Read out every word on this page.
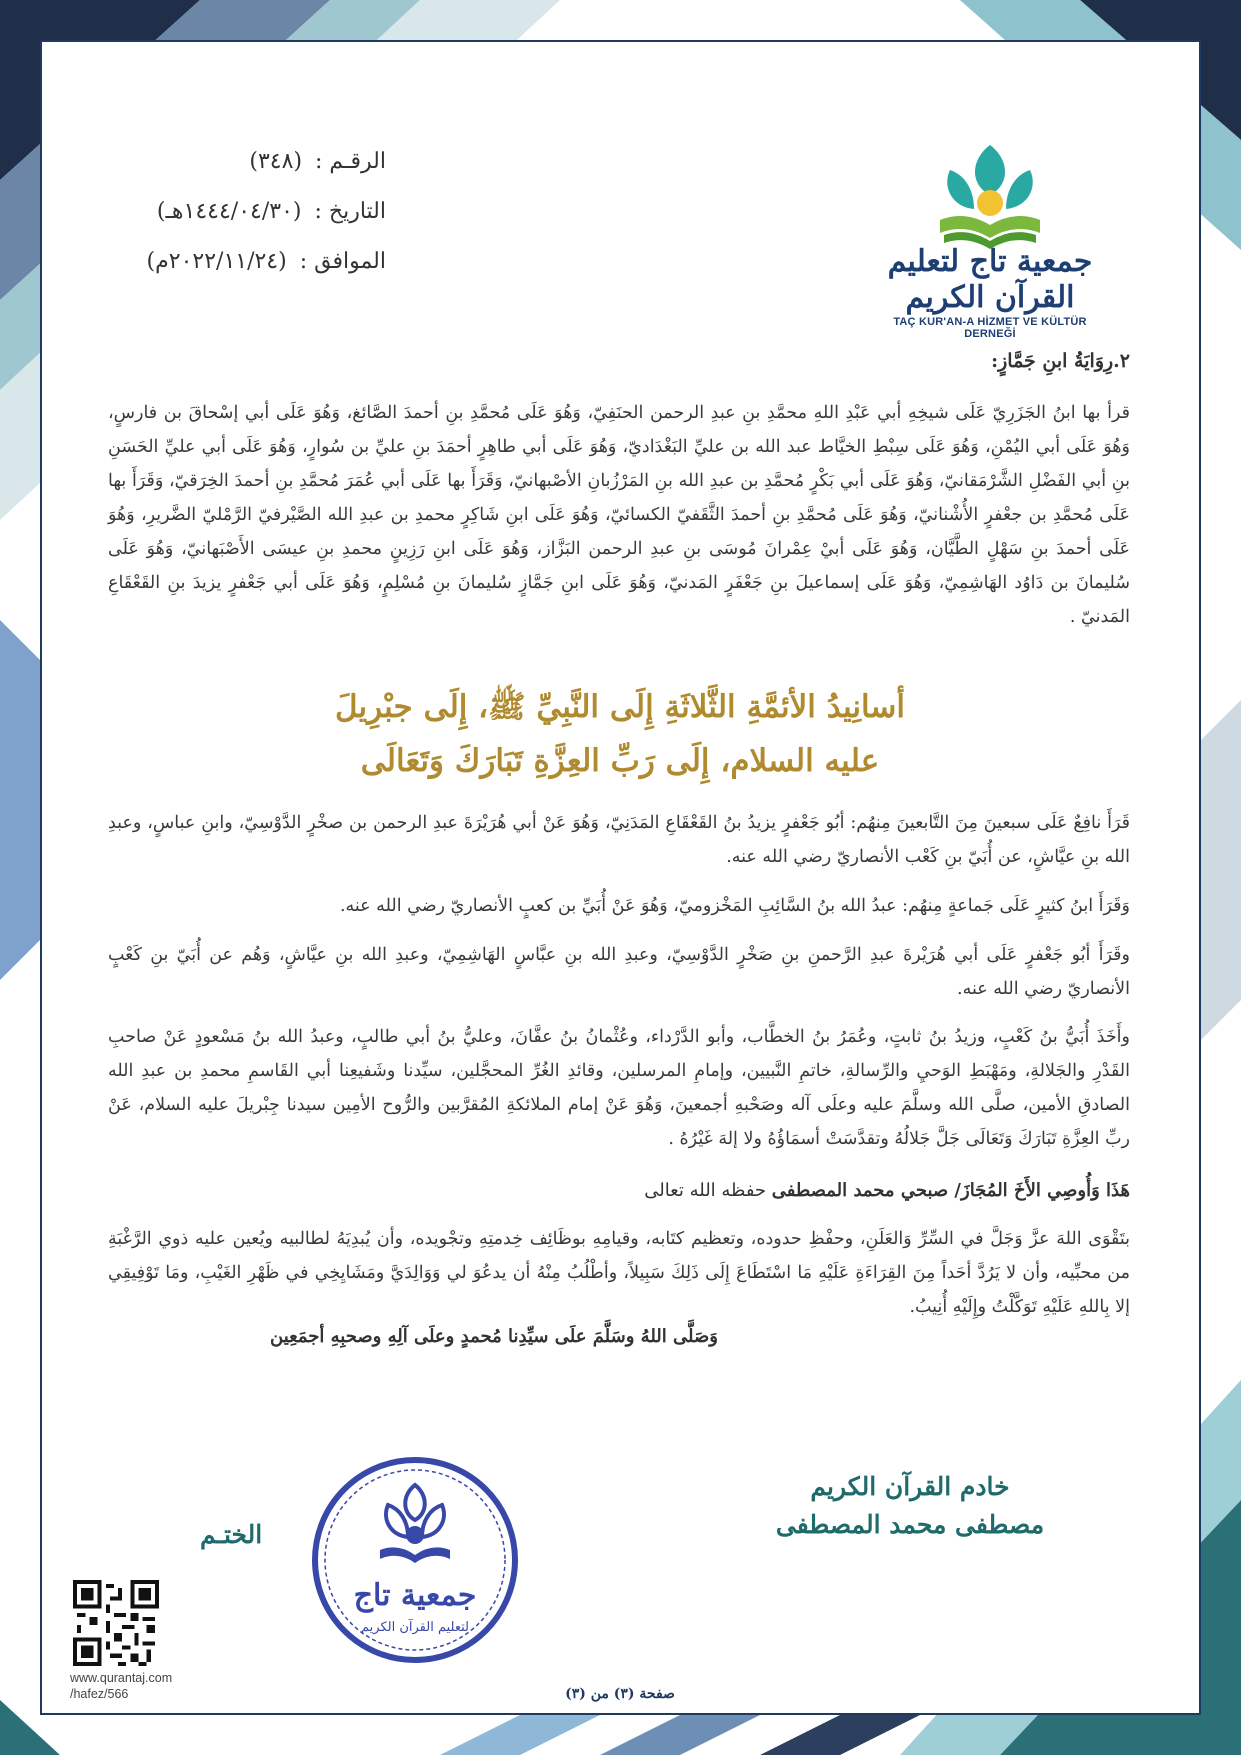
جمعية تاج لتعليم القرآن الكريم
TAÇ KUR'AN-A HİZMET VE KÜLTÜR DERNEĞİ
الرقـم : (٣٤٨)
التاريخ : (١٤٤٤/٠٤/٣٠هـ)
الموافق : (٢٠٢٢/١١/٢٤م)
٢.رِوَايَةُ ابنِ جَمَّازٍ:
قرأ بها ابنُ الجَزَرِيّ عَلَى شيخِهِ أبي عَبْدِ اللهِ محمَّدِ بنِ عبدِ الرحمن الحنَفِيّ، وَهُوَ عَلَى مُحمَّدِ بنِ أحمدَ الصَّائغ، وَهُوَ عَلَى أبي إسْحاقَ بن فارسٍ، وَهُوَ عَلَى أبي اليُمْنِ، وَهُوَ عَلَى سِبْطِ الخيَّاط عبد الله بن عليِّ البَغْدَاديّ، وَهُوَ عَلَى أبي طاهِرٍ أحمَدَ بنِ عليِّ بن سُوارٍ، وَهُوَ عَلَى أبي عليِّ الحَسَنِ بنِ أبي الفَضْلِ الشَّرْمَقانيّ، وَهُوَ عَلَى أبي بَكْرٍ مُحمَّدِ بن عبدِ الله بنِ المَرْزُبانِ الأصْبهانيّ، وَقَرَأَ بها عَلَى أبي عُمَرَ مُحمَّدِ بنِ أحمدَ الخِرَقيّ، وَقَرَأَ بها عَلَى مُحمَّدِ بن جعْفرٍ الأُشْنانيّ، وَهُوَ عَلَى مُحمَّدِ بنِ أحمدَ الثَّقَفيّ الكسائيّ، وَهُوَ عَلَى ابنِ شَاكِرٍ محمدِ بن عبدِ الله الصَّيْرفيّ الرَّمْليّ الضَّريرِ، وَهُوَ عَلَى أحمدَ بنِ سَهْلٍ الطَّيَّان، وَهُوَ عَلَى أبيْ عِمْرانَ مُوسَى بنِ عبدِ الرحمن البَزَّاز، وَهُوَ عَلَى ابنِ رَزِينٍ محمدِ بنِ عيسَى الأَصْبَهانيّ، وَهُوَ عَلَى سُليمانَ بن دَاوُد الهَاشِمِيّ، وَهُوَ عَلَى إسماعيلَ بنِ جَعْفَرٍ المَدنيّ، وَهُوَ عَلَى ابنِ جَمَّازٍ سُليمانَ بنِ مُسْلِمٍ، وَهُوَ عَلَى أبي جَعْفرٍ يزيدَ بنِ القَعْقَاعِ المَدنيّ .
أسانِيدُ الأئمَّةِ الثَّلاثَةِ إِلَى النَّبِيِّ ﷺ، إِلَى جبْرِيلَ
عليه السلام، إِلَى رَبِّ العِزَّةِ تَبَارَكَ وَتَعَالَى
قَرَأَ نافِعٌ عَلَى سبعينَ مِنَ التَّابعينَ مِنهُم: أبُو جَعْفرٍ يزيدُ بنُ القَعْقَاعِ المَدَنِيّ، وَهُوَ عَنْ أبي هُرَيْرَةَ عبدِ الرحمن بن صخْرٍ الدَّوْسِيّ، وابنِ عباسٍ، وعبدِ الله بنِ عيَّاشٍ، عن أُبَيّ بنِ كَعْب الأنصاريّ رضي الله عنه.
وَقَرَأَ ابنُ كثيرٍ عَلَى جَماعةٍ مِنهُم: عبدُ الله بنُ السَّائِبِ المَخْزوميّ، وَهُوَ عَنْ أُبَيِّ بن كعبٍ الأنصاريّ رضي الله عنه.
وقَرَأَ أبُو جَعْفرٍ عَلَى أبي هُرَيْرةَ عبدِ الرَّحمنِ بنِ صَخْرٍ الدَّوْسِيّ، وعبدِ الله بنِ عبَّاسٍ الهَاشِمِيّ، وعبدِ الله بنِ عيَّاشٍ، وَهُم عن أُبَيّ بنِ كَعْبٍ الأنصاريّ رضي الله عنه.
وأَخَذَ أُبَيُّ بنُ كَعْبٍ، وزيدُ بنُ ثابتٍ، وعُمَرُ بنُ الخطَّاب، وأبو الدَّرْداء، وعُثْمانُ بنُ عفَّانَ، وعليُّ بنُ أبي طالبٍ، وعبدُ الله بنُ مَسْعودٍ عَنْ صاحبِ القَدْرِ والجَلالةِ، ومَهْبَطِ الوَحيِ والرِّسالةِ، خاتمِ النَّبيين، وإمامِ المرسلين، وقائدِ الغُرِّ المحجَّلين، سيِّدنا وشَفيعِنا أبي القَاسمِ محمدِ بن عبدِ الله الصادقِ الأمين، صلَّى الله وسلَّمَ عليه وعلَى آله وصَحْبهِ أجمعينَ، وَهُوَ عَنْ إمام الملائكةِ المُقرَّبين والرُّوح الأمِين سيدنا جِبْريلَ عليه السلام، عَنْ ربِّ العِزَّةِ تَبَارَكَ وَتَعَالَى جَلَّ جَلالُهُ وتقدَّسَتْ أسمَاؤُهُ ولا إلهَ غَيْرُهُ .
هَذَا وَأُوصِي الأَخَ المُجَازَ/ صبحي محمد المصطفى حفظه الله تعالى
بتَقْوَى اللهَ عزَّ وَجَلَّ في السِّرِّ وَالعَلَنِ، وحفْظِ حدوده، وتعظيم كتَابه، وقيامِهِ بوظَائِف خِدمتِهِ وتجْويده، وأن يُبدِيَهُ لطالبيه ويُعين عليه ذوي الرَّغْبَةِ من محبِّيه، وأن لا يَرُدَّ أحَداً مِنَ القِرَاءَةِ عَلَيْهِ مَا اسْتَطَاعَ إِلَى ذَلِكَ سَبِيلاً، وأطْلُبُ مِنْهُ أن يدعُوَ لي وَوَالِدَيَّ ومَشَايِخِي في ظَهْرِ الغَيْبِ، ومَا تَوْفِيقِي إلا بِاللهِ عَلَيْهِ تَوَكَّلْتُ وإِلَيْهِ أُنِيبُ.
وَصَلَّى اللهُ وسَلَّمَ علَى سيِّدِنا مُحمدٍ وعلَى آلِهِ وصحبِهِ أجمَعِين
خادم القرآن الكريم
مصطفى محمد المصطفى
الختـم
جمعية تاج
لتعليم القرآن الكريم
www.qurantaj.com
/hafez/566	صفحة (٣) من (٣)
